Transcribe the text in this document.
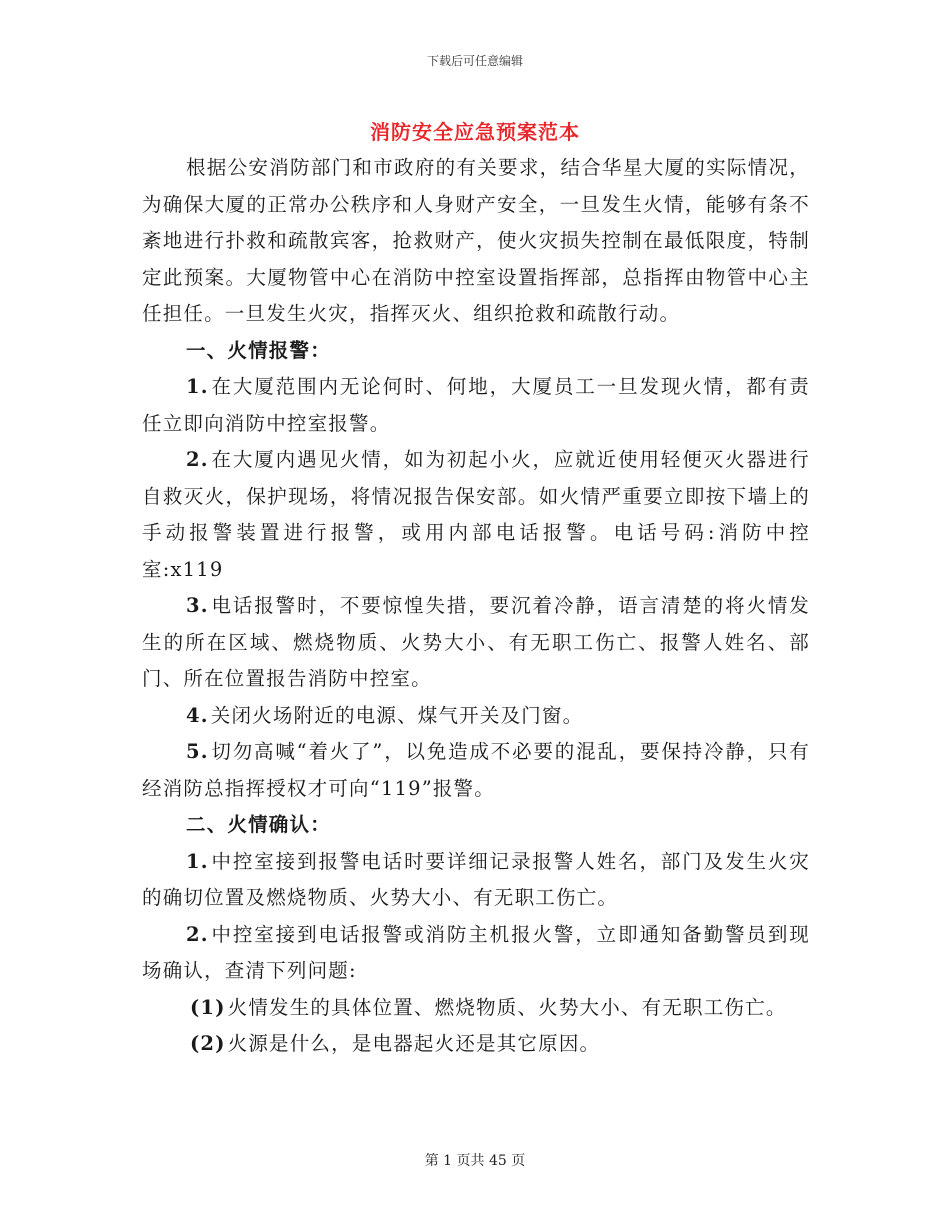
下载后可任意编辑
消防安全应急预案范本

根据公安消防部门和市政府的有关要求，结合华星大厦的实际情况，为确保大厦的正常办公秩序和人身财产安全，一旦发生火情，能够有条不紊地进行扑救和疏散宾客，抢救财产，使火灾损失控制在最低限度，特制定此预案。大厦物管中心在消防中控室设置指挥部，总指挥由物管中心主任担任。一旦发生火灾，指挥灭火、组织抢救和疏散行动。

一、火情报警：

1. 在大厦范围内无论何时、何地，大厦员工一旦发现火情，都有责任立即向消防中控室报警。

2. 在大厦内遇见火情，如为初起小火，应就近使用轻便灭火器进行自救灭火，保护现场，将情况报告保安部。如火情严重要立即按下墙上的手动报警装置进行报警，或用内部电话报警。电话号码:消防中控室:x119

3. 电话报警时，不要惊惶失措，要沉着冷静，语言清楚的将火情发生的所在区域、燃烧物质、火势大小、有无职工伤亡、报警人姓名、部门、所在位置报告消防中控室。

4. 关闭火场附近的电源、煤气开关及门窗。

5. 切勿高喊“着火了”，以免造成不必要的混乱，要保持冷静，只有经消防总指挥授权才可向“119”报警。

二、火情确认：

1. 中控室接到报警电话时要详细记录报警人姓名，部门及发生火灾的确切位置及燃烧物质、火势大小、有无职工伤亡。

2. 中控室接到电话报警或消防主机报火警，立即通知备勤警员到现场确认，查清下列问题:

(1) 火情发生的具体位置、燃烧物质、火势大小、有无职工伤亡。

(2) 火源是什么，是电器起火还是其它原因。

第 1 页共 45 页
